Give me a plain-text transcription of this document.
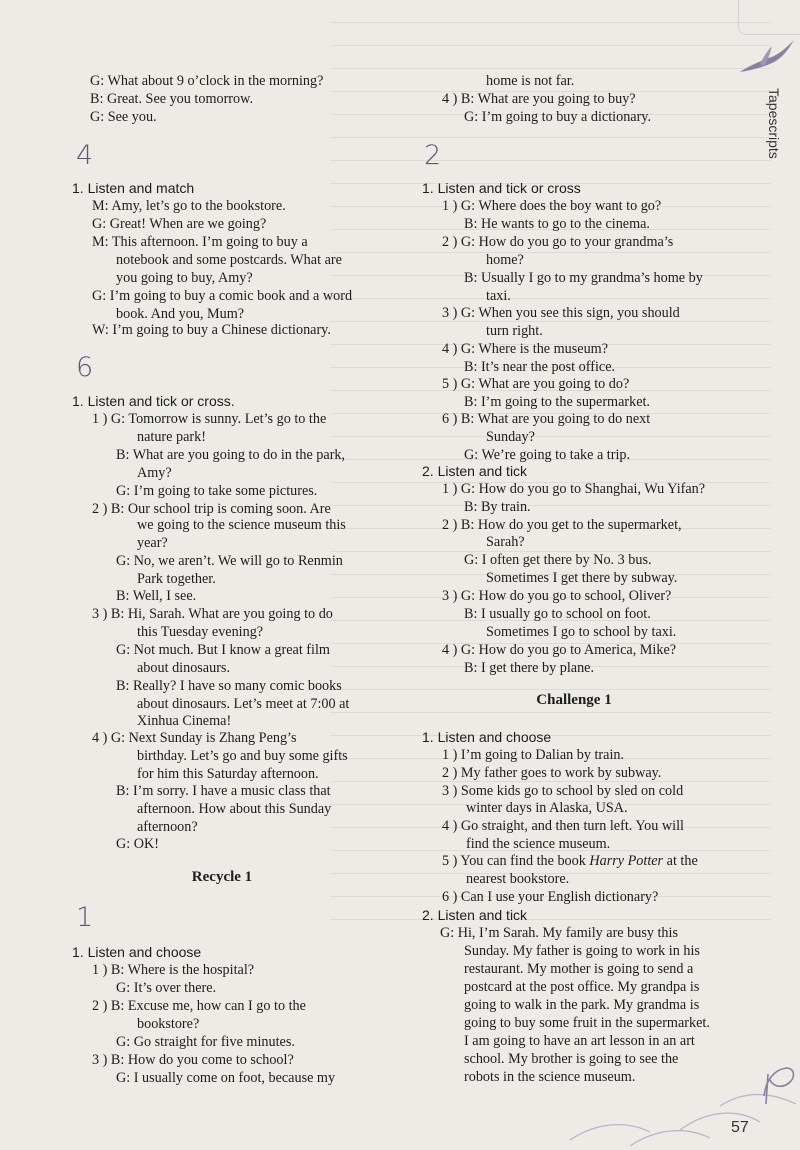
Tapescripts
G: What about 9 o’clock in the morning?
B: Great. See you tomorrow.
G: See you.
4
1. Listen and match
M: Amy, let’s go to the bookstore.
G: Great! When are we going?
M: This afternoon. I’m going to buy a
notebook and some postcards. What are
you going to buy, Amy?
G: I’m going to buy a comic book and a word
book. And you, Mum?
W: I’m going to buy a Chinese dictionary.
6
1. Listen and tick or cross.
1 ) G: Tomorrow is sunny. Let’s go to the
nature park!
B: What are you going to do in the park,
Amy?
G: I’m going to take some pictures.
2 ) B: Our school trip is coming soon. Are
we going to the science museum this
year?
G: No, we aren’t. We will go to Renmin
Park together.
B: Well, I see.
3 ) B: Hi, Sarah. What are you going to do
this Tuesday evening?
G: Not much. But I know a great film
about dinosaurs.
B: Really? I have so many comic books
about dinosaurs. Let’s meet at 7:00 at
Xinhua Cinema!
4 ) G: Next Sunday is Zhang Peng’s
birthday. Let’s go and buy some gifts
for him this Saturday afternoon.
B: I’m sorry. I have a music class that
afternoon. How about this Sunday
afternoon?
G: OK!
Recycle 1
1
1. Listen and choose
1 ) B: Where is the hospital?
G: It’s over there.
2 ) B: Excuse me, how can I go to the
bookstore?
G: Go straight for five minutes.
3 ) B: How do you come to school?
G: I usually come on foot, because my
home is not far.
4 ) B: What are you going to buy?
G: I’m going to buy a dictionary.
2
1. Listen and tick or cross
1 ) G: Where does the boy want to go?
B: He wants to go to the cinema.
2 ) G: How do you go to your grandma’s
home?
B: Usually I go to my grandma’s home by
taxi.
3 ) G: When you see this sign, you should
turn right.
4 ) G: Where is the museum?
B: It’s near the post office.
5 ) G: What are you going to do?
B: I’m going to the supermarket.
6 ) B: What are you going to do next
Sunday?
G: We’re going to take a trip.
2. Listen and tick
1 ) G: How do you go to Shanghai, Wu Yifan?
B: By train.
2 ) B: How do you get to the supermarket,
Sarah?
G: I often get there by No. 3 bus.
Sometimes I get there by subway.
3 ) G: How do you go to school, Oliver?
B: I usually go to school on foot.
Sometimes I go to school by taxi.
4 ) G: How do you go to America, Mike?
B: I get there by plane.
Challenge 1
1. Listen and choose
1 ) I’m going to Dalian by train.
2 ) My father goes to work by subway.
3 ) Some kids go to school by sled on cold
winter days in Alaska, USA.
4 ) Go straight, and then turn left. You will
find the science museum.
5 ) You can find the book Harry Potter at the
nearest bookstore.
6 ) Can I use your English dictionary?
2. Listen and tick
G: Hi, I’m Sarah. My family are busy this
Sunday. My father is going to work in his
restaurant. My mother is going to send a
postcard at the post office. My grandpa is
going to walk in the park. My grandma is
going to buy some fruit in the supermarket.
I am going to have an art lesson in an art
school. My brother is going to see the
robots in the science museum.
57
